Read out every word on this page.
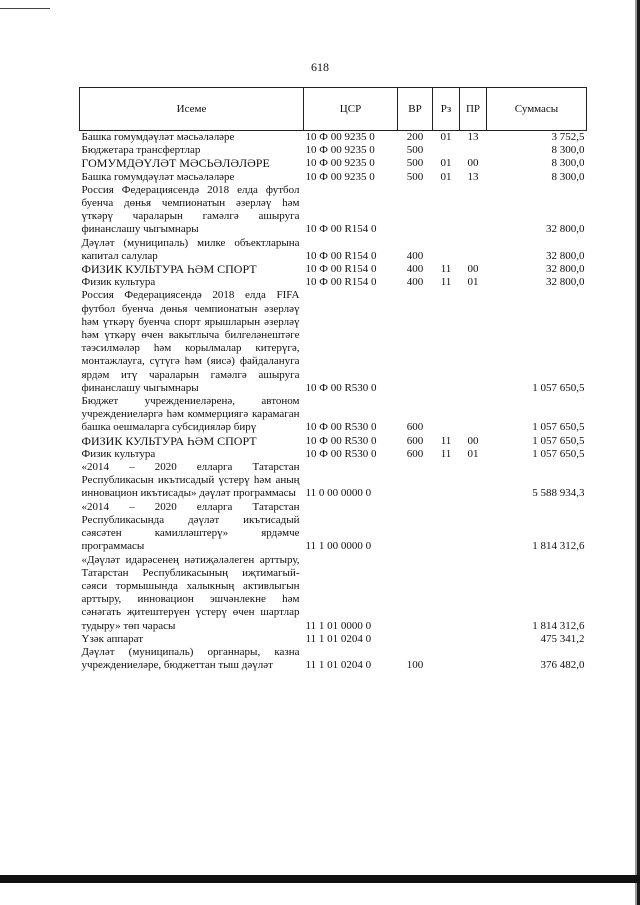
618
Исеме	ЦСР	ВР	Рз	ПР	Суммасы
Башка гомумдәүләт мәсьәләләре	10 Ф 00 9235 0	200	01	13	3 752,5
Бюджетара трансфертлар	10 Ф 00 9235 0	500			8 300,0
ГОМУМДӘҮЛӘТ МӘСЬӘЛӘЛӘРЕ	10 Ф 00 9235 0	500	01	00	8 300,0
Башка гомумдәүләт мәсьәләләре	10 Ф 00 9235 0	500	01	13	8 300,0
Россия Федерациясендә 2018 елда футбол буенча дөнья чемпионатын әзерләү һәм үткәрү чараларын гамәлгә ашыруга финанслашу чыгымнары	10 Ф 00 R154 0				32 800,0
Дәүләт (муниципаль) милке объектларына капитал салулар	10 Ф 00 R154 0	400			32 800,0
ФИЗИК КУЛЬТУРА ҺӘМ СПОРТ	10 Ф 00 R154 0	400	11	00	32 800,0
Физик культура	10 Ф 00 R154 0	400	11	01	32 800,0
Россия Федерациясендә 2018 елда FIFA футбол буенча дөнья чемпионатын әзерләү һәм үткәрү буенча спорт ярышларын әзерләү һәм үткәрү өчен вакытлыча билгеләнештәге тәэсилмәләр һәм корылмалар китерүгә, монтажлауга, сүтүгә һәм (яисә) файдалануга ярдәм итү чараларын гамәлгә ашыруга финанслашу чыгымнары	10 Ф 00 R530 0				1 057 650,5
Бюджет учреждениеләренә, автоном учреждениеләргә һәм коммерциягә карамаган башка оешмаларга субсидияләр бирү	10 Ф 00 R530 0	600			1 057 650,5
ФИЗИК КУЛЬТУРА ҺӘМ СПОРТ	10 Ф 00 R530 0	600	11	00	1 057 650,5
Физик культура	10 Ф 00 R530 0	600	11	01	1 057 650,5
«2014 – 2020 елларга Татарстан Республикасын икътисадый үстерү һәм аның инновацион икътисады» дәүләт программасы	11 0 00 0000 0				5 588 934,3
«2014 – 2020 елларга Татарстан Республикасында дәүләт икътисадый сәясәтен камилләштерү» ярдәмче программасы	11 1 00 0000 0				1 814 312,6
«Дәүләт идарәсенең нәтиҗәләлеген арттыру, Татарстан Республикасының иҗтимагый-сәяси тормышында халыкның активлыгын арттыру, инновацион эшчәнлекне һәм сәнәгать җитештерүен үстерү өчен шартлар тудыру» төп чарасы	11 1 01 0000 0				1 814 312,6
Үзәк аппарат	11 1 01 0204 0				475 341,2
Дәүләт (муниципаль) органнары, казна учреждениеләре, бюджеттан тыш дәүләт	11 1 01 0204 0	100			376 482,0
